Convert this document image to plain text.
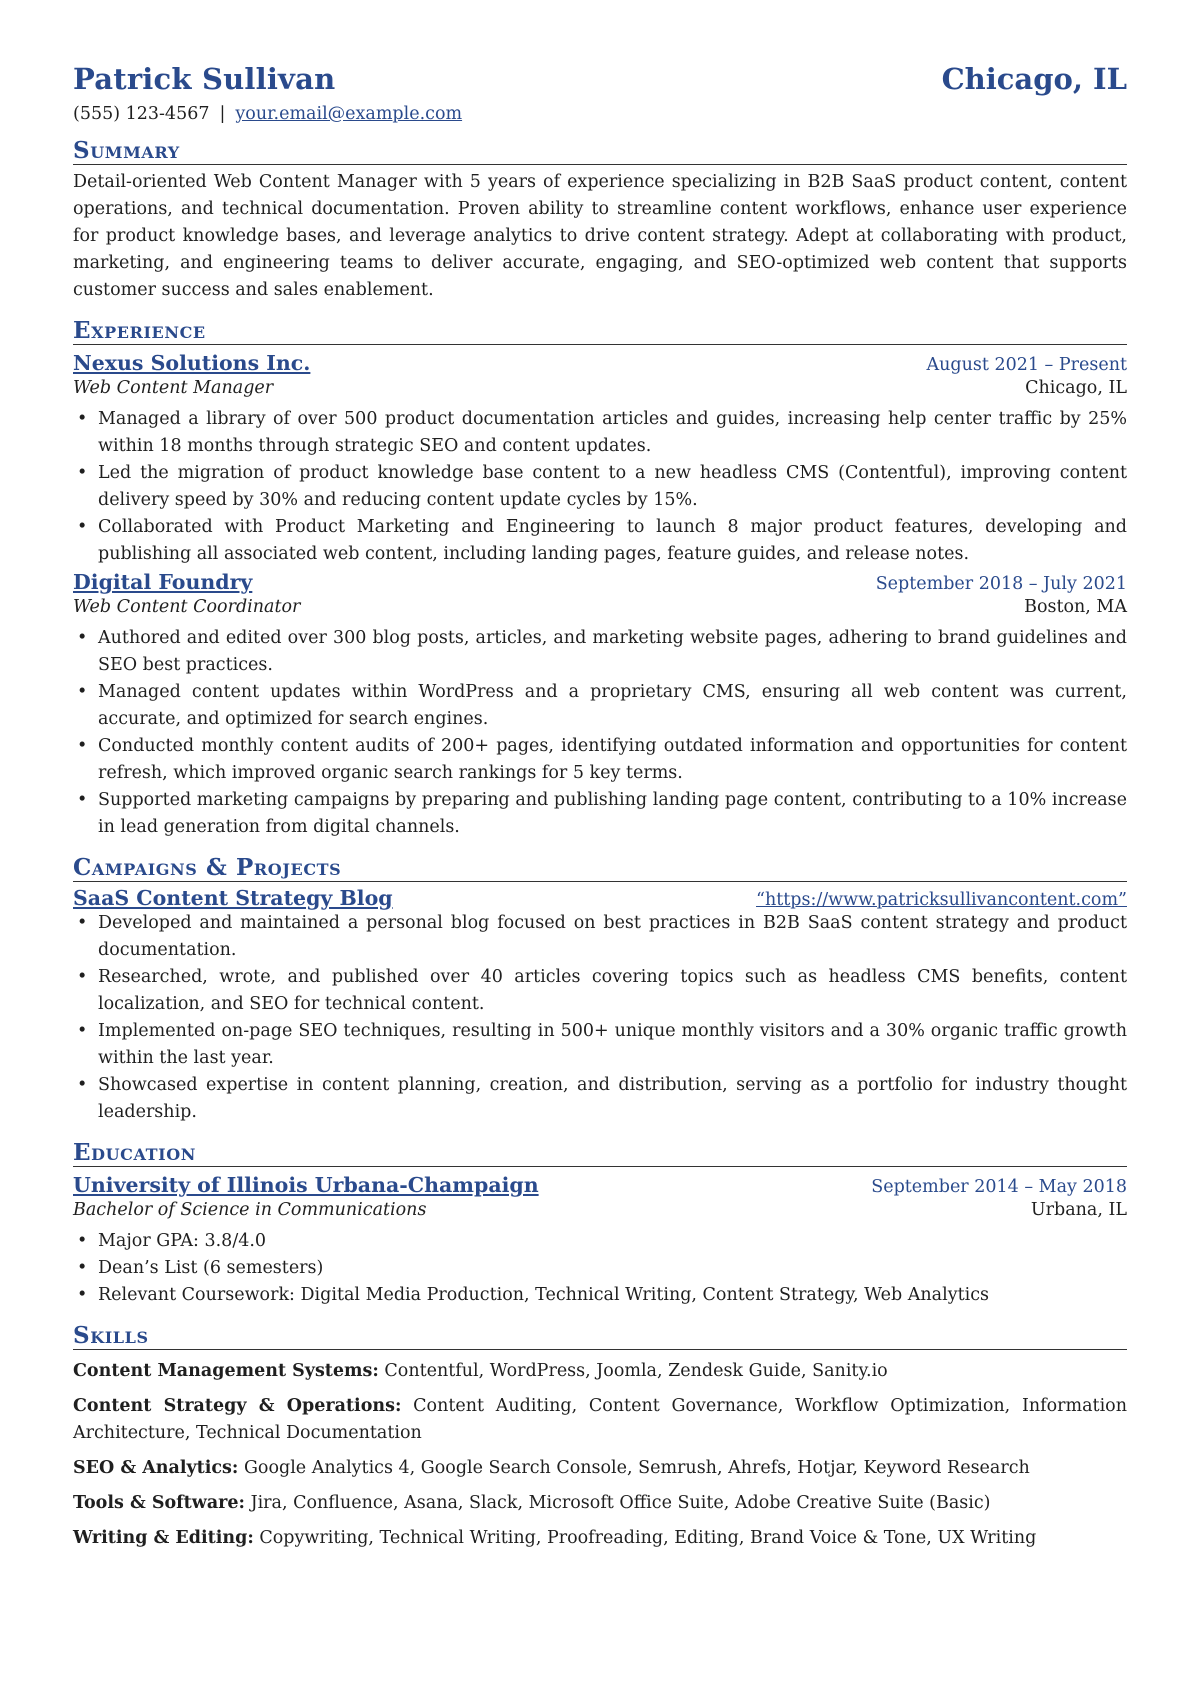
Patrick Sullivan	Chicago, IL
(555) 123-4567 | your.email@example.com
Summary
Detail-oriented Web Content Manager with 5 years of experience specializing in B2B SaaS product content, content operations, and technical documentation. Proven ability to streamline content workflows, enhance user experience for product knowledge bases, and leverage analytics to drive content strategy. Adept at collaborating with product, marketing, and engineering teams to deliver accurate, engaging, and SEO-optimized web content that supports customer success and sales enablement.
Experience
Nexus Solutions Inc.	August 2021 – Present
Web Content Manager	Chicago, IL
• Managed a library of over 500 product documentation articles and guides, increasing help center traffic by 25% within 18 months through strategic SEO and content updates.
• Led the migration of product knowledge base content to a new headless CMS (Contentful), improving content delivery speed by 30% and reducing content update cycles by 15%.
• Collaborated with Product Marketing and Engineering to launch 8 major product features, developing and publishing all associated web content, including landing pages, feature guides, and release notes.
Digital Foundry	September 2018 – July 2021
Web Content Coordinator	Boston, MA
• Authored and edited over 300 blog posts, articles, and marketing website pages, adhering to brand guidelines and SEO best practices.
• Managed content updates within WordPress and a proprietary CMS, ensuring all web content was current, accurate, and optimized for search engines.
• Conducted monthly content audits of 200+ pages, identifying outdated information and opportunities for content refresh, which improved organic search rankings for 5 key terms.
• Supported marketing campaigns by preparing and publishing landing page content, contributing to a 10% increase in lead generation from digital channels.
Campaigns & Projects
SaaS Content Strategy Blog	“https://www.patricksullivancontent.com”
• Developed and maintained a personal blog focused on best practices in B2B SaaS content strategy and product documentation.
• Researched, wrote, and published over 40 articles covering topics such as headless CMS benefits, content localization, and SEO for technical content.
• Implemented on-page SEO techniques, resulting in 500+ unique monthly visitors and a 30% organic traffic growth within the last year.
• Showcased expertise in content planning, creation, and distribution, serving as a portfolio for industry thought leadership.
Education
University of Illinois Urbana-Champaign	September 2014 – May 2018
Bachelor of Science in Communications	Urbana, IL
• Major GPA: 3.8/4.0
• Dean’s List (6 semesters)
• Relevant Coursework: Digital Media Production, Technical Writing, Content Strategy, Web Analytics
Skills
Content Management Systems: Contentful, WordPress, Joomla, Zendesk Guide, Sanity.io
Content Strategy & Operations: Content Auditing, Content Governance, Workflow Optimization, Information Architecture, Technical Documentation
SEO & Analytics: Google Analytics 4, Google Search Console, Semrush, Ahrefs, Hotjar, Keyword Research
Tools & Software: Jira, Confluence, Asana, Slack, Microsoft Office Suite, Adobe Creative Suite (Basic)
Writing & Editing: Copywriting, Technical Writing, Proofreading, Editing, Brand Voice & Tone, UX Writing
